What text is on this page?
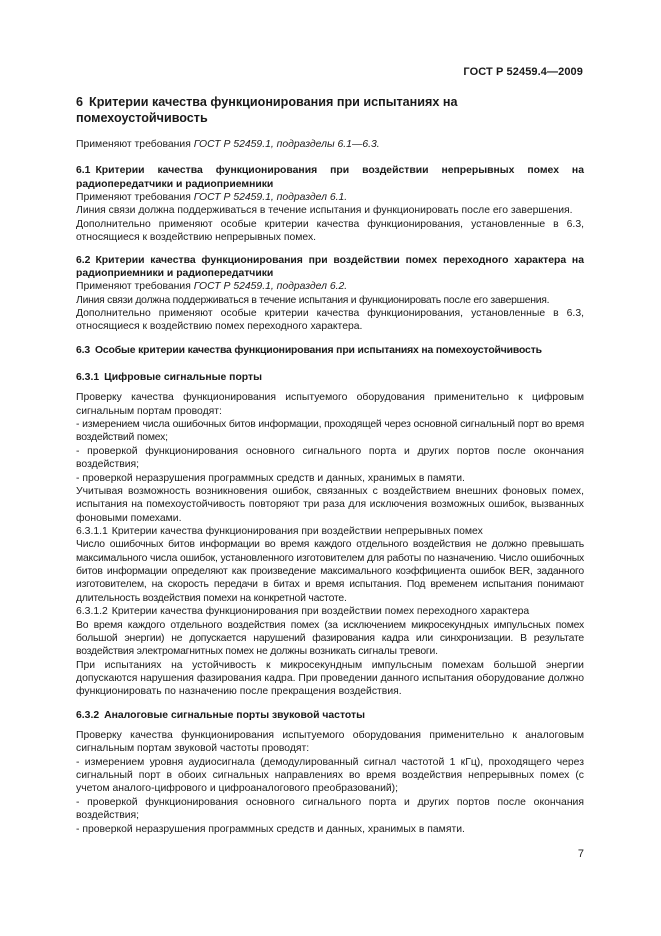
ГОСТ Р 52459.4—2009
6 Критерии качества функционирования при испытаниях на помехоустойчивость

Применяют требования ГОСТ Р 52459.1, подразделы 6.1—6.3.

6.1 Критерии качества функционирования при воздействии непрерывных помех на радиопередатчики и радиоприемники

Применяют требования ГОСТ Р 52459.1, подраздел 6.1.

Линия связи должна поддерживаться в течение испытания и функционировать после его завершения.

Дополнительно применяют особые критерии качества функционирования, установленные в 6.3, относящиеся к воздействию непрерывных помех.

6.2 Критерии качества функционирования при воздействии помех переходного характера на радиоприемники и радиопередатчики

Применяют требования ГОСТ Р 52459.1, подраздел 6.2.

Линия связи должна поддерживаться в течение испытания и функционировать после его завершения.

Дополнительно применяют особые критерии качества функционирования, установленные в 6.3, относящиеся к воздействию помех переходного характера.

6.3 Особые критерии качества функционирования при испытаниях на помехоустойчивость

6.3.1 Цифровые сигнальные порты

Проверку качества функционирования испытуемого оборудования применительно к цифровым сигнальным портам проводят:

- измерением числа ошибочных битов информации, проходящей через основной сигнальный порт во время воздействий помех;

- проверкой функционирования основного сигнального порта и других портов после окончания воздействия;

- проверкой неразрушения программных средств и данных, хранимых в памяти.

Учитывая возможность возникновения ошибок, связанных с воздействием внешних фоновых помех, испытания на помехоустойчивость повторяют три раза для исключения возможных ошибок, вызванных фоновыми помехами.

6.3.1.1 Критерии качества функционирования при воздействии непрерывных помех

Число ошибочных битов информации во время каждого отдельного воздействия не должно превышать максимального числа ошибок, установленного изготовителем для работы по назначению. Число ошибочных битов информации определяют как произведение максимального коэффициента ошибок BER, заданного изготовителем, на скорость передачи в битах и время испытания. Под временем испытания понимают длительность воздействия помехи на конкретной частоте.

6.3.1.2 Критерии качества функционирования при воздействии помех переходного характера

Во время каждого отдельного воздействия помех (за исключением микросекундных импульсных помех большой энергии) не допускается нарушений фазирования кадра или синхронизации. В результате воздействия электромагнитных помех не должны возникать сигналы тревоги.

При испытаниях на устойчивость к микросекундным импульсным помехам большой энергии допускаются нарушения фазирования кадра. При проведении данного испытания оборудование должно функционировать по назначению после прекращения воздействия.

6.3.2 Аналоговые сигнальные порты звуковой частоты

Проверку качества функционирования испытуемого оборудования применительно к аналоговым сигнальным портам звуковой частоты проводят:

- измерением уровня аудиосигнала (демодулированный сигнал частотой 1 кГц), проходящего через сигнальный порт в обоих сигнальных направлениях во время воздействия непрерывных помех (с учетом аналого-цифрового и цифроаналогового преобразований);

- проверкой функционирования основного сигнального порта и других портов после окончания воздействия;

- проверкой неразрушения программных средств и данных, хранимых в памяти.

7
